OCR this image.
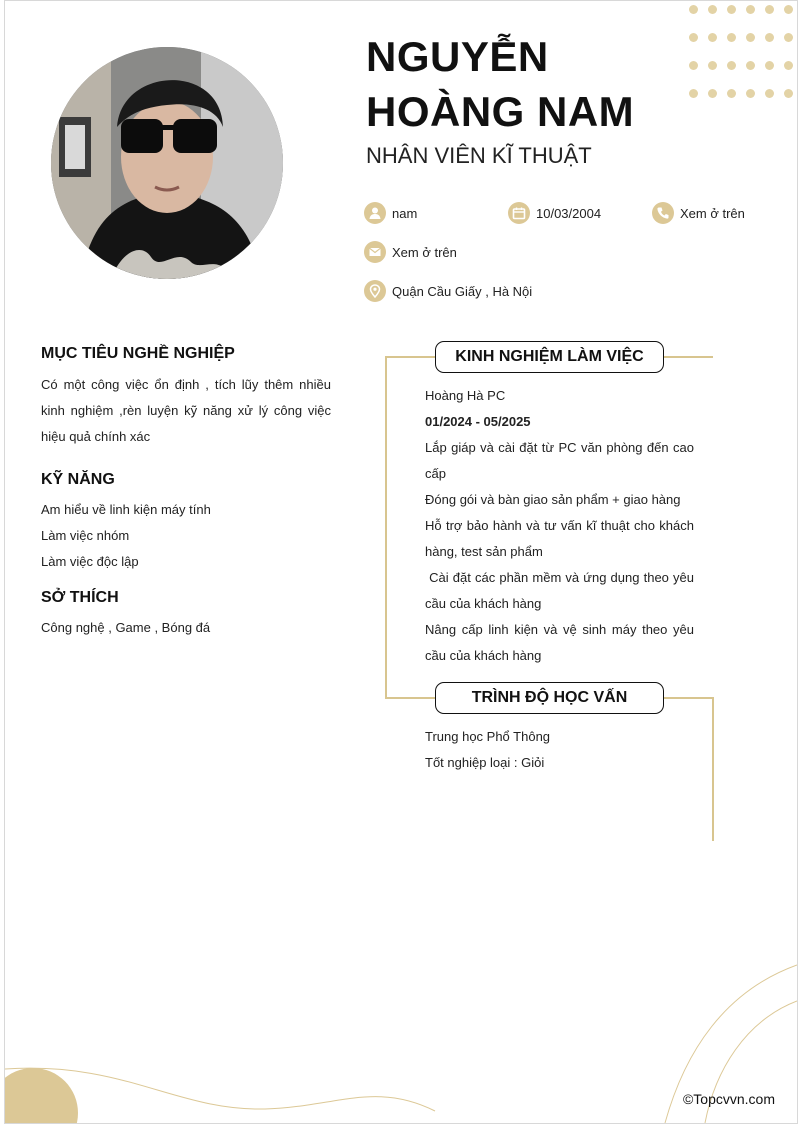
NGUYỄN
HOÀNG NAM
NHÂN VIÊN KĨ THUẬT
nam	10/03/2004	Xem ở trên
Xem ở trên
Quận Cầu Giấy , Hà Nội
MỤC TIÊU NGHỀ NGHIỆP
Có một công việc ổn định , tích lũy thêm nhiều kinh nghiệm ,rèn luyện kỹ năng xử lý công việc hiệu quả chính xác
KỸ NĂNG
Am hiểu về linh kiện máy tính
Làm việc nhóm
Làm việc độc lập
SỞ THÍCH
Công nghệ , Game , Bóng đá
KINH NGHIỆM LÀM VIỆC
Hoàng Hà PC
01/2024 - 05/2025
Lắp giáp và cài đặt từ PC văn phòng đến cao cấp
Đóng gói và bàn giao sản phẩm + giao hàng
Hỗ trợ bảo hành và tư vấn kĩ thuật cho khách hàng, test sản phẩm
Cài đặt các phần mềm và ứng dụng theo yêu cầu của khách hàng
Nâng cấp linh kiện và vệ sinh máy theo yêu cầu của khách hàng
TRÌNH ĐỘ HỌC VẤN
Trung học Phổ Thông
Tốt nghiệp loại : Giỏi
©Topcvvn.com
